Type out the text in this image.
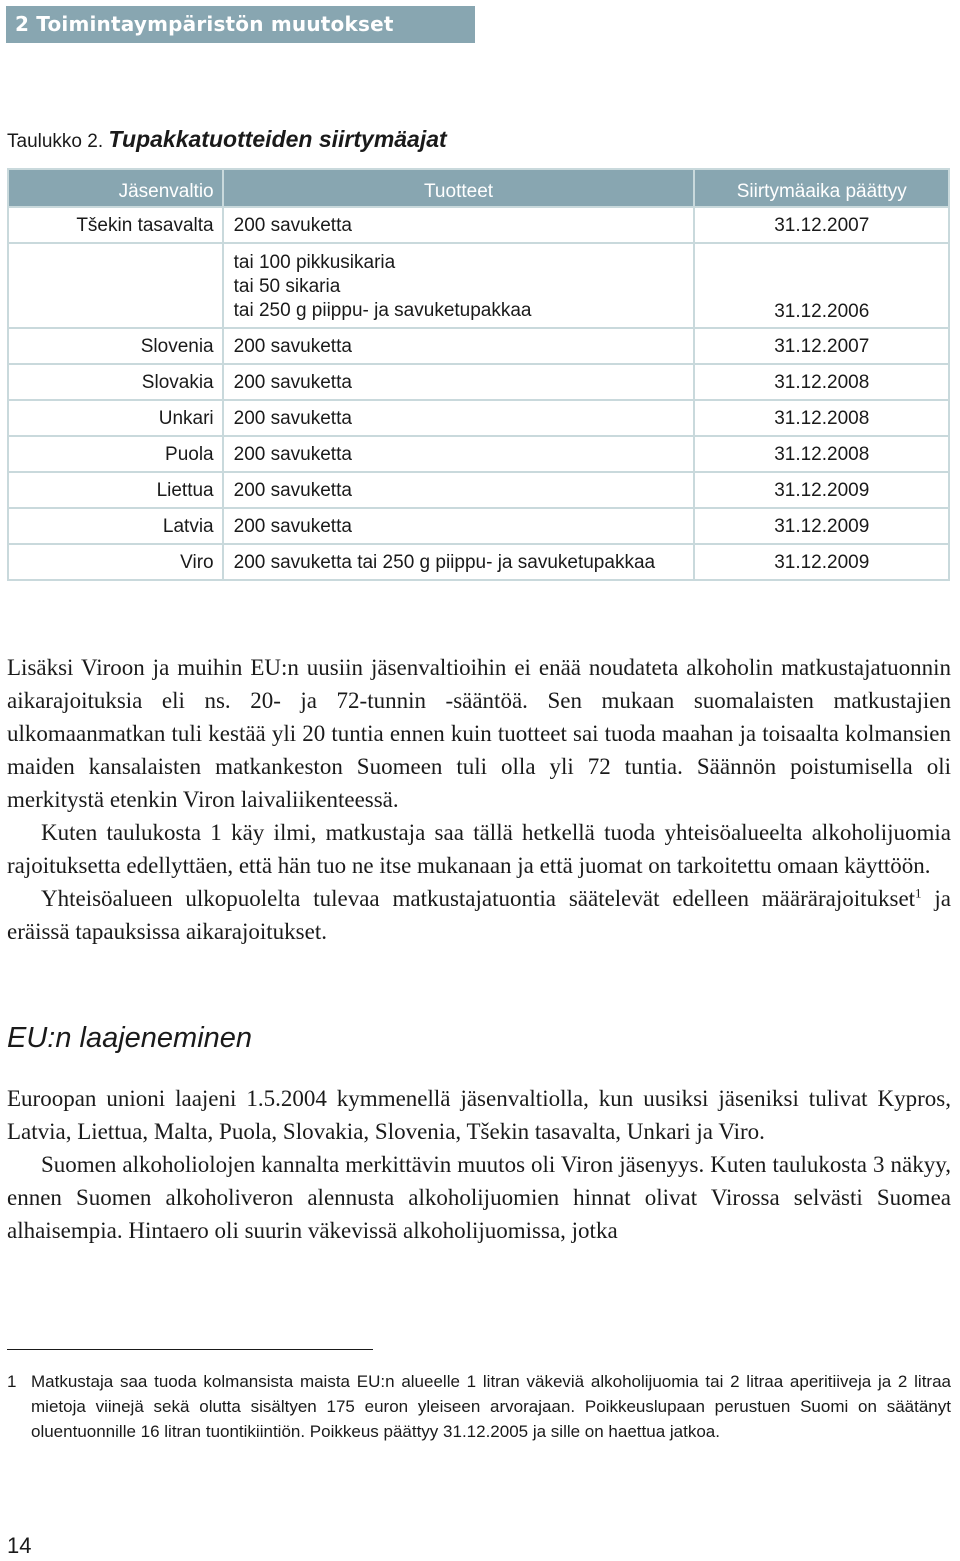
2 Toimintaympäristön muutokset
Taulukko 2. Tupakkatuotteiden siirtymäajat
Jäsenvaltio	Tuotteet	Siirtymäaika päättyy
Tšekin tasavalta	200 savuketta	31.12.2007

	tai 100 pikkusikaria
tai 50 sikaria
tai 250 g piippu- ja savuketupakkaa	31.12.2006
Slovenia	200 savuketta	31.12.2007
Slovakia	200 savuketta	31.12.2008
Unkari	200 savuketta	31.12.2008
Puola	200 savuketta	31.12.2008
Liettua	200 savuketta	31.12.2009
Latvia	200 savuketta	31.12.2009
Viro	200 savuketta tai 250 g piippu- ja savuketupakkaa	31.12.2009

Lisäksi Viroon ja muihin EU:n uusiin jäsenvaltioihin ei enää noudateta alkoholin matkustajatuonnin aikarajoituksia eli ns. 20- ja 72-tunnin -sääntöä. Sen mukaan suomalaisten matkustajien ulkomaanmatkan tuli kestää yli 20 tuntia ennen kuin tuotteet sai tuoda maahan ja toisaalta kolmansien maiden kansalaisten matkankeston Suomeen tuli olla yli 72 tuntia. Säännön poistumisella oli merkitystä etenkin Viron laivaliikenteessä.

Kuten taulukosta 1 käy ilmi, matkustaja saa tällä hetkellä tuoda yhteisöalueelta alkoholijuomia rajoituksetta edellyttäen, että hän tuo ne itse mukanaan ja että juomat on tarkoitettu omaan käyttöön.

Yhteisöalueen ulkopuolelta tulevaa matkustajatuontia säätelevät edelleen määrärajoitukset$^1$ ja eräissä tapauksissa aikarajoitukset.

EU:n laajeneminen

Euroopan unioni laajeni 1.5.2004 kymmenellä jäsenvaltiolla, kun uusiksi jäseniksi tulivat Kypros, Latvia, Liettua, Malta, Puola, Slovakia, Slovenia, Tšekin tasavalta, Unkari ja Viro.

Suomen alkoholiolojen kannalta merkittävin muutos oli Viron jäsenyys. Kuten taulukosta 3 näkyy, ennen Suomen alkoholiveron alennusta alkoholijuomien hinnat olivat Virossa selvästi Suomea alhaisempia. Hintaero oli suurin väkevissä alkoholijuomissa, jotka

1 Matkustaja saa tuoda kolmansista maista EU:n alueelle 1 litran väkeviä alkoholijuomia tai 2 litraa aperitiiveja ja 2 litraa mietoja viinejä sekä olutta sisältyen 175 euron yleiseen arvorajaan. Poikkeuslupaan perustuen Suomi on säätänyt oluentuonnille 16 litran tuontikiintiön. Poikkeus päättyy 31.12.2005 ja sille on haettua jatkoa.
14
